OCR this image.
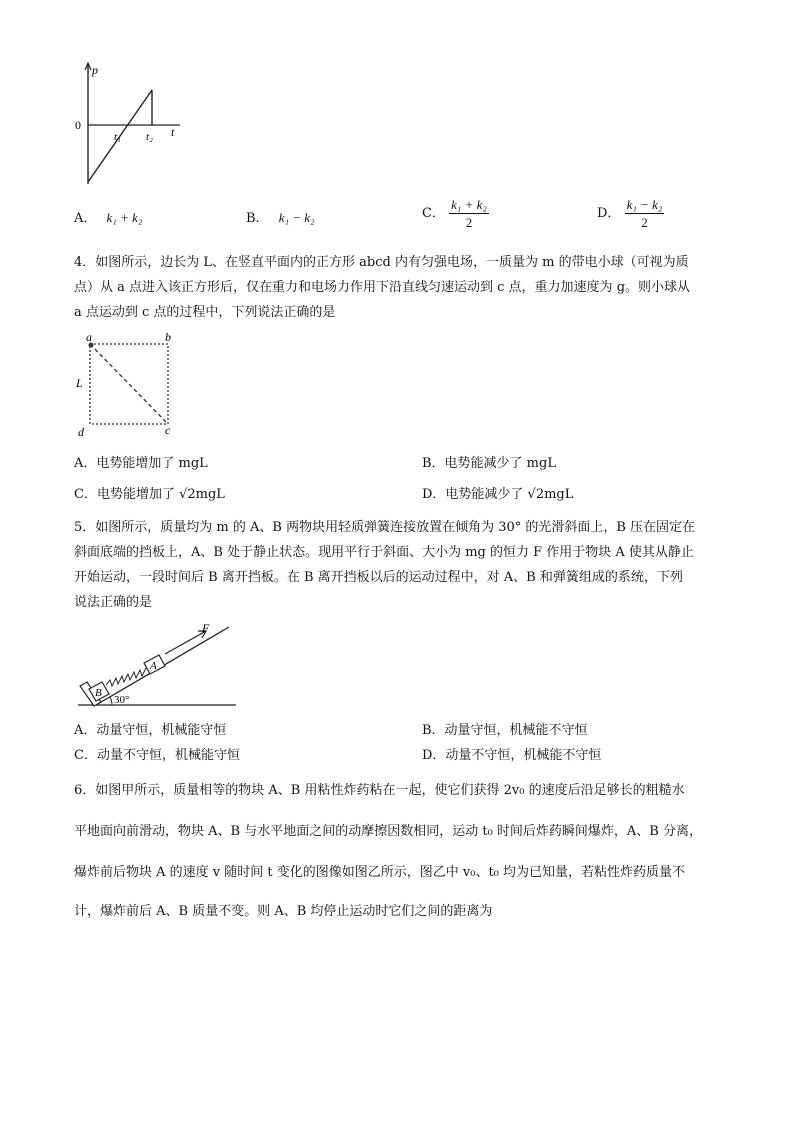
p
0
t₁ t₂ t
A． k₁ + k₂	B． k₁ − k₂	C． $\frac{\text{k₁ + k₂}}{2}$	D． $\frac{\text{k₁ − k₂}}{2}$
4．如图所示，边长为 L、在竖直平面内的正方形 abcd 内有匀强电场，一质量为 m 的带电小球（可视为质
点）从 a 点进入该正方形后，仅在重力和电场力作用下沿直线匀速运动到 c 点，重力加速度为 g。则小球从
a 点运动到 c 点的过程中，下列说法正确的是
a	b
c
d
L
A．电势能增加了 mgL	B．电势能减少了 mgL
C．电势能增加了 √2mgL	D．电势能减少了 √2mgL
5．如图所示，质量均为 m 的 A、B 两物块用轻质弹簧连接放置在倾角为 30° 的光滑斜面上，B 压在固定在
斜面底端的挡板上，A、B 处于静止状态。现用平行于斜面、大小为 mg 的恒力 F 作用于物块 A 使其从静止
开始运动，一段时间后 B 离开挡板。在 B 离开挡板以后的运动过程中，对 A、B 和弹簧组成的系统，下列
说法正确的是
F
A
B
30°
A．动量守恒，机械能守恒	B．动量守恒，机械能不守恒
C．动量不守恒，机械能守恒	D．动量不守恒，机械能不守恒
6．如图甲所示，质量相等的物块 A、B 用粘性炸药粘在一起，使它们获得 2v₀ 的速度后沿足够长的粗糙水
平地面向前滑动，物块 A、B 与水平地面之间的动摩擦因数相同，运动 t₀ 时间后炸药瞬间爆炸，A、B 分离，
爆炸前后物块 A 的速度 v 随时间 t 变化的图像如图乙所示，图乙中 v₀、t₀ 均为已知量，若粘性炸药质量不
计，爆炸前后 A、B 质量不变。则 A、B 均停止运动时它们之间的距离为
